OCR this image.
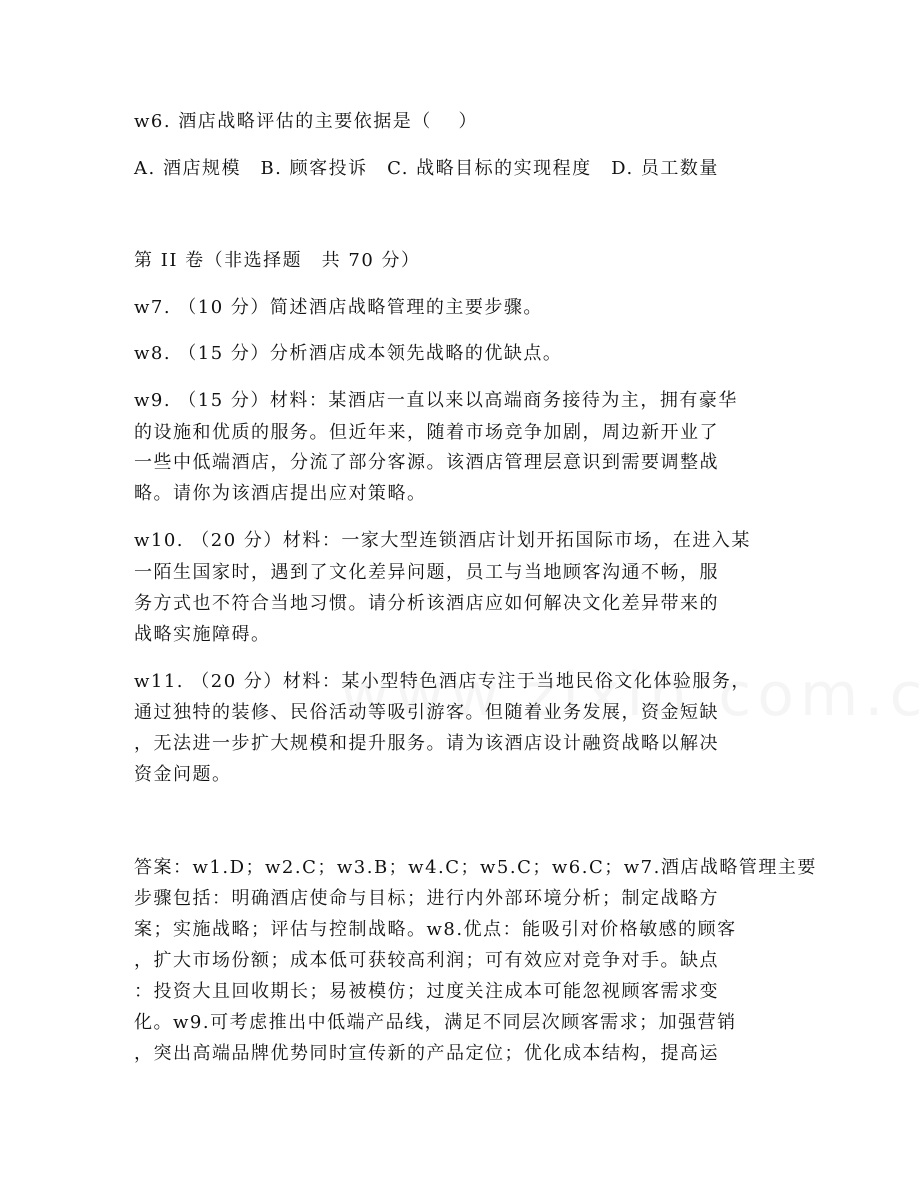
w6. 酒店战略评估的主要依据是（　 ）
A. 酒店规模　B. 顾客投诉　C. 战略目标的实现程度　D. 员工数量
第 II 卷（非选择题　共 70 分）
w7. （10 分）简述酒店战略管理的主要步骤。
w8. （15 分）分析酒店成本领先战略的优缺点。
w9. （15 分）材料：某酒店一直以来以高端商务接待为主，拥有豪华
的设施和优质的服务。但近年来，随着市场竞争加剧，周边新开业了
一些中低端酒店，分流了部分客源。该酒店管理层意识到需要调整战
略。请你为该酒店提出应对策略。
w10. （20 分）材料：一家大型连锁酒店计划开拓国际市场，在进入某
一陌生国家时，遇到了文化差异问题，员工与当地顾客沟通不畅，服
务方式也不符合当地习惯。请分析该酒店应如何解决文化差异带来的
战略实施障碍。
w11. （20 分）材料：某小型特色酒店专注于当地民俗文化体验服务，
通过独特的装修、民俗活动等吸引游客。但随着业务发展，资金短缺
，无法进一步扩大规模和提升服务。请为该酒店设计融资战略以解决
资金问题。
答案：w1.D；w2.C；w3.B；w4.C；w5.C；w6.C；w7.酒店战略管理主要
步骤包括：明确酒店使命与目标；进行内外部环境分析；制定战略方
案；实施战略；评估与控制战略。w8.优点：能吸引对价格敏感的顾客
，扩大市场份额；成本低可获较高利润；可有效应对竞争对手。缺点
：投资大且回收期长；易被模仿；过度关注成本可能忽视顾客需求变
化。w9.可考虑推出中低端产品线，满足不同层次顾客需求；加强营销
，突出高端品牌优势同时宣传新的产品定位；优化成本结构，提高运
